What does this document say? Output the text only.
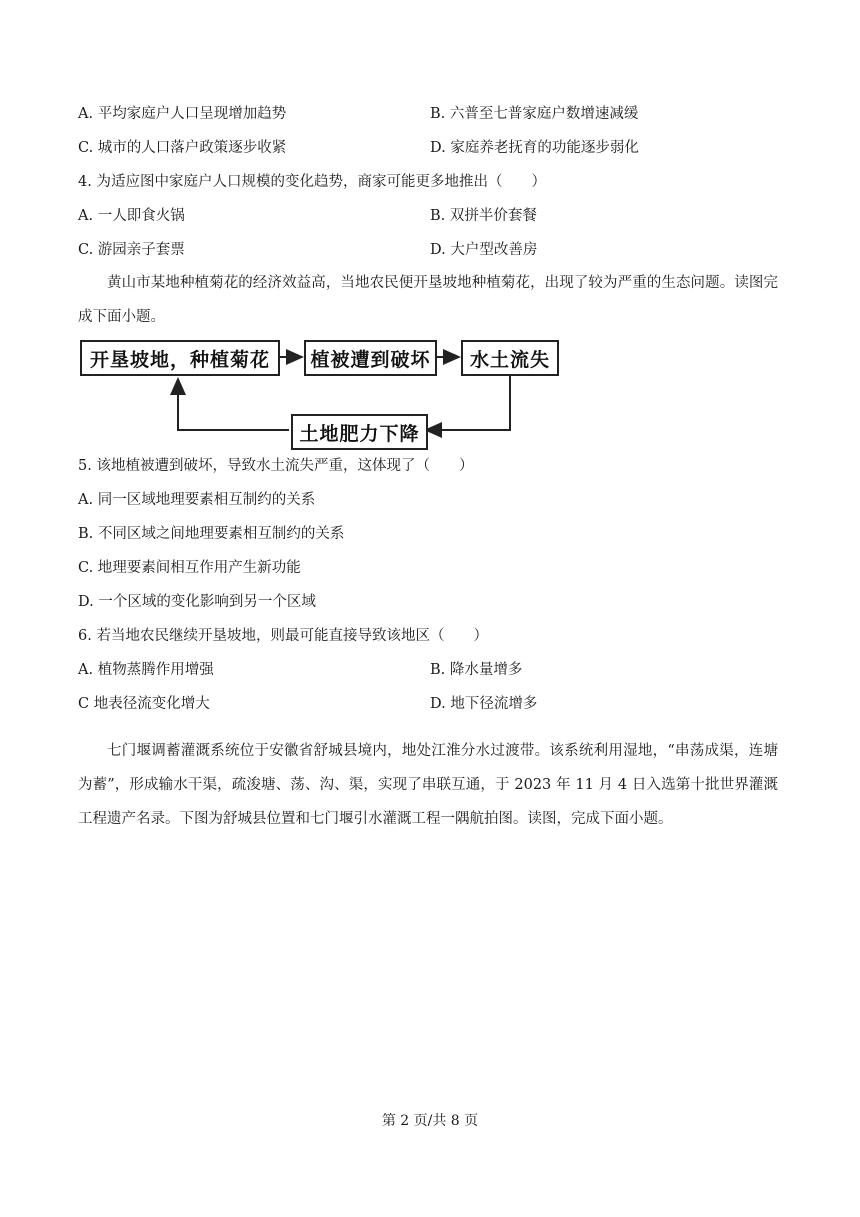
A. 平均家庭户人口呈现增加趋势	B. 六普至七普家庭户数增速减缓
C. 城市的人口落户政策逐步收紧	D. 家庭养老抚育的功能逐步弱化
4. 为适应图中家庭户人口规模的变化趋势，商家可能更多地推出（　　）
A. 一人即食火锅	B. 双拼半价套餐
C. 游园亲子套票	D. 大户型改善房
黄山市某地种植菊花的经济效益高，当地农民便开垦坡地种植菊花，出现了较为严重的生态问题。读图完成下面小题。
开垦坡地，种植菊花	植被遭到破坏	水土流失
土地肥力下降
5. 该地植被遭到破坏，导致水土流失严重，这体现了（　　）
A. 同一区域地理要素相互制约的关系
B. 不同区域之间地理要素相互制约的关系
C. 地理要素间相互作用产生新功能
D. 一个区域的变化影响到另一个区域
6. 若当地农民继续开垦坡地，则最可能直接导致该地区（　　）
A. 植物蒸腾作用增强	B. 降水量增多
C 地表径流变化增大	D. 地下径流增多
七门堰调蓄灌溉系统位于安徽省舒城县境内，地处江淮分水过渡带。该系统利用湿地，“串荡成渠，连塘为蓄”，形成输水干渠，疏浚塘、荡、沟、渠，实现了串联互通，于 2023 年 11 月 4 日入选第十批世界灌溉工程遗产名录。下图为舒城县位置和七门堰引水灌溉工程一隅航拍图。读图，完成下面小题。
第 2 页/共 8 页
